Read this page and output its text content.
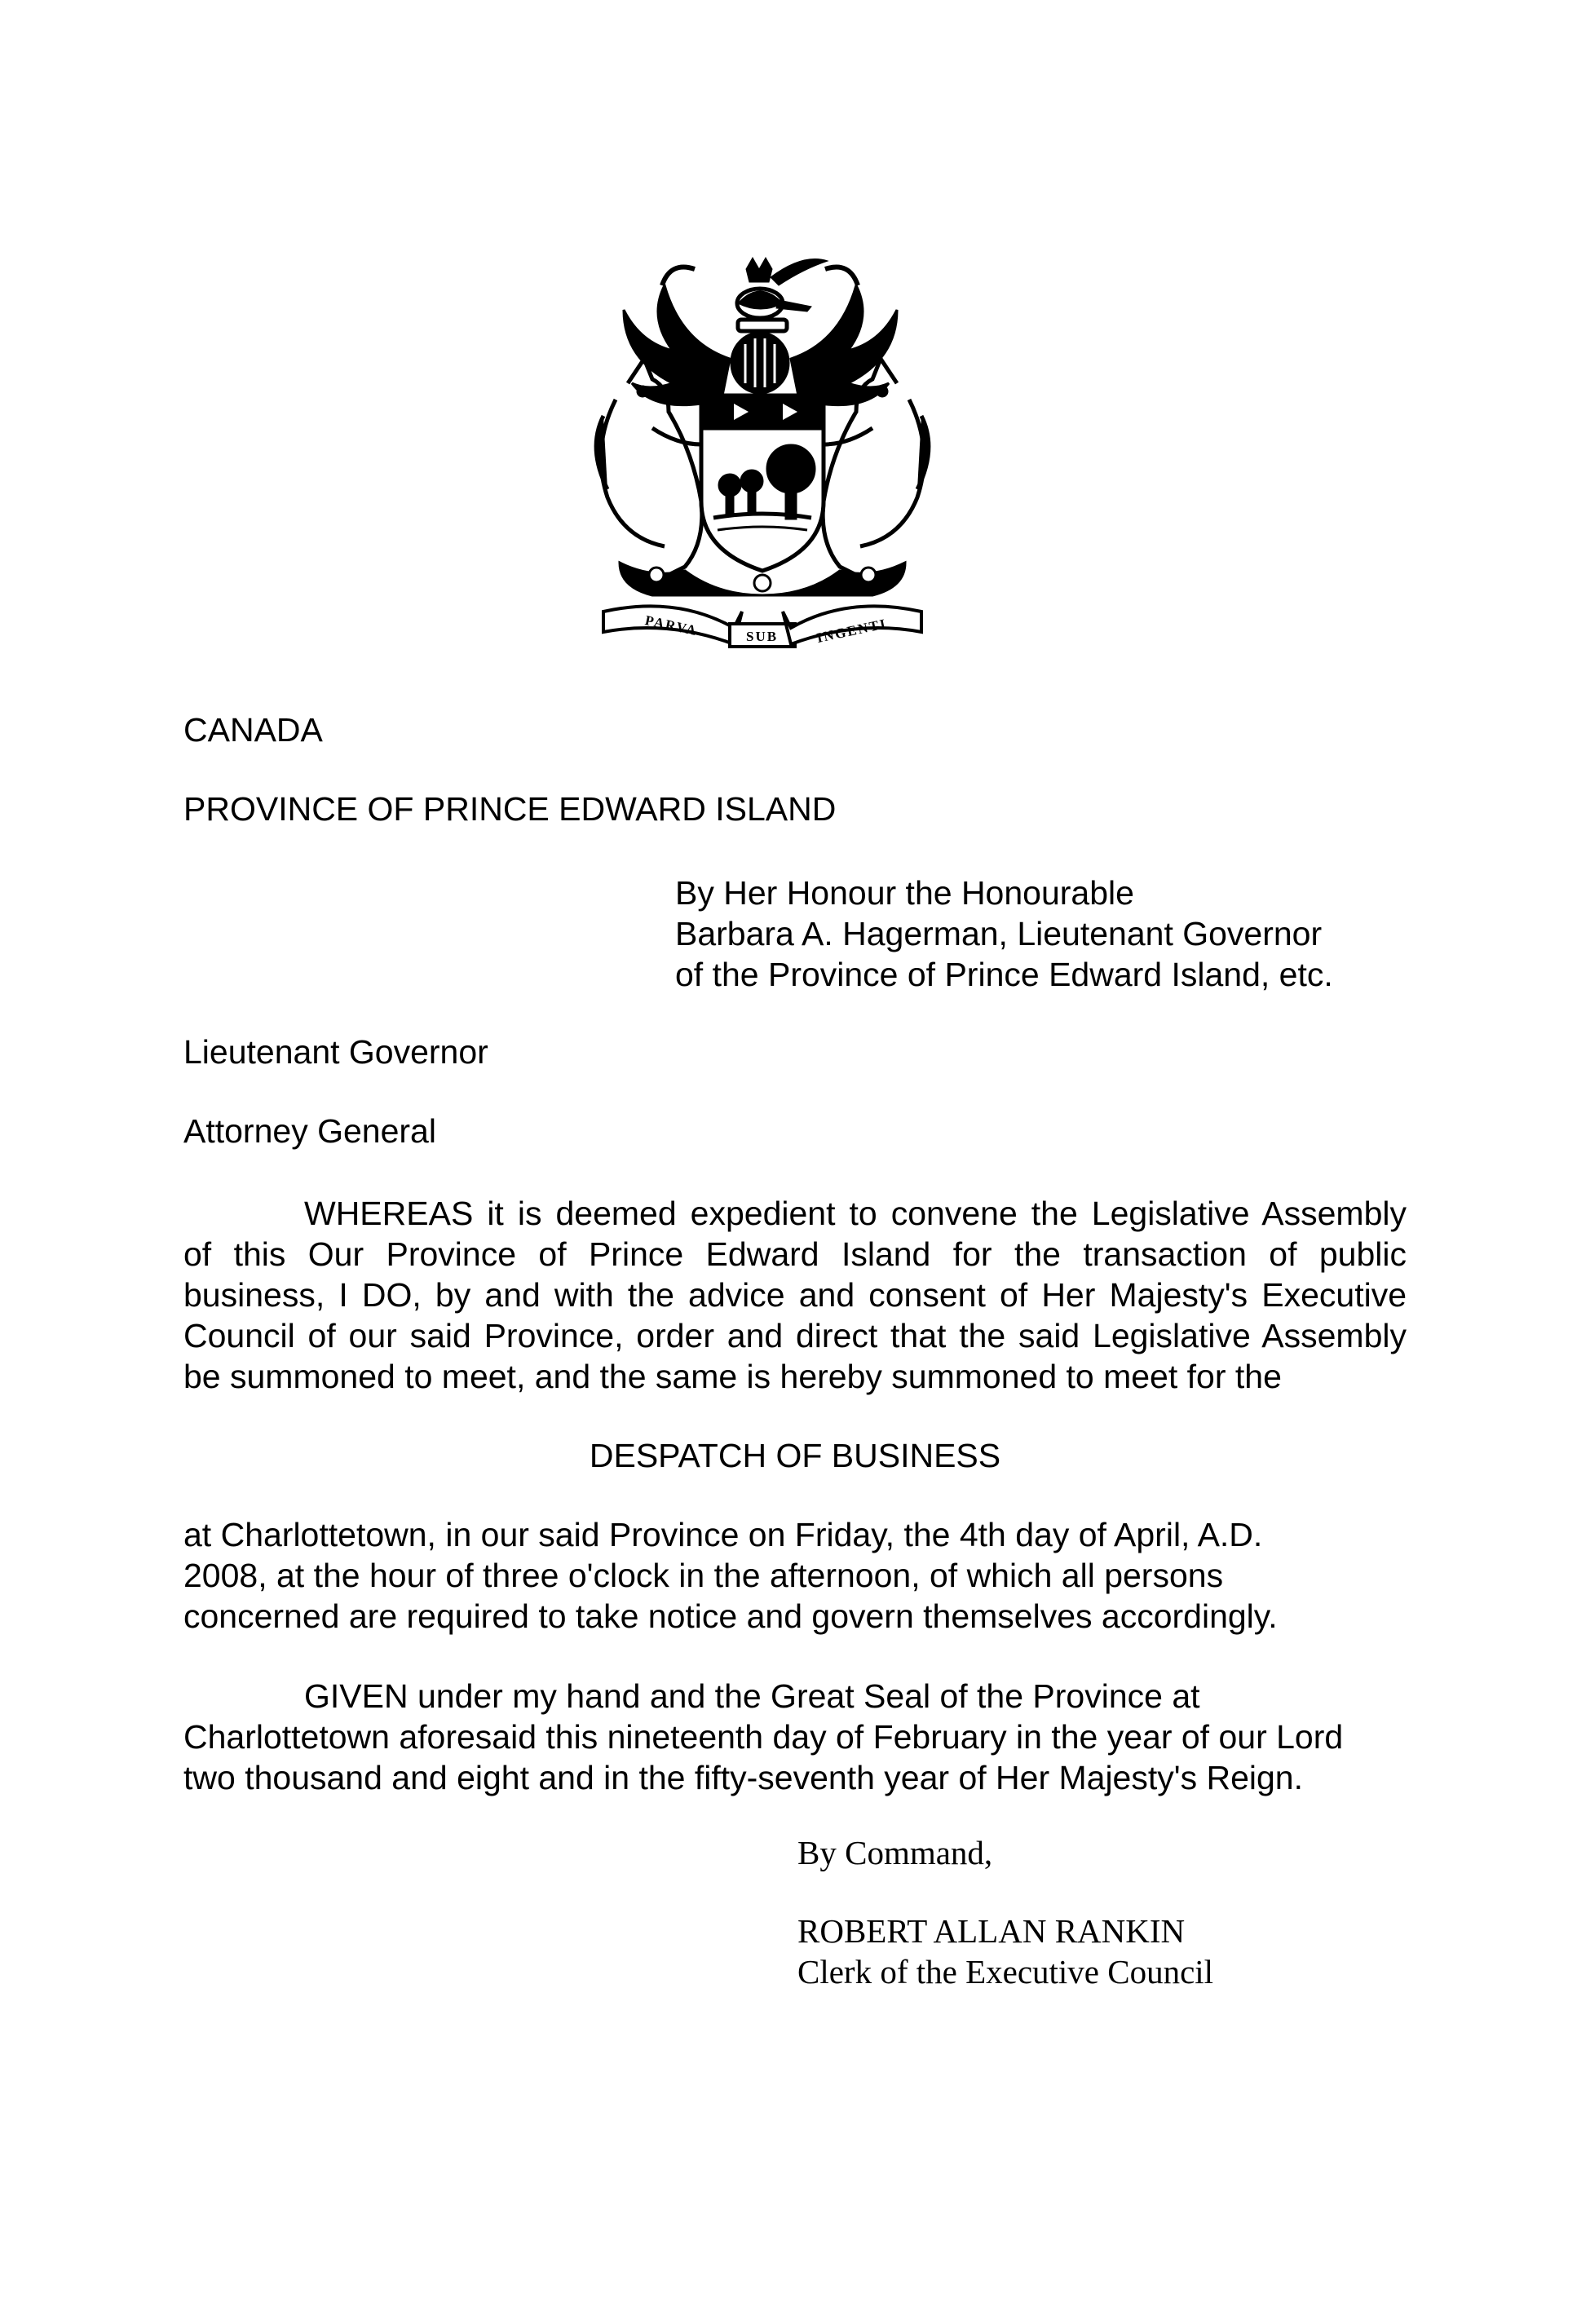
PARVA	SUB	INGENTI

CANADA

PROVINCE OF PRINCE EDWARD ISLAND

By Her Honour the Honourable
Barbara A. Hagerman, Lieutenant Governor
of the Province of Prince Edward Island, etc.

Lieutenant Governor

Attorney General

WHEREAS it is deemed expedient to convene the Legislative Assembly
of this Our Province of Prince Edward Island for the transaction of public
business, I DO, by and with the advice and consent of Her Majesty's Executive
Council of our said Province, order and direct that the said Legislative Assembly
be summoned to meet, and the same is hereby summoned to meet for the

DESPATCH OF BUSINESS

at Charlottetown, in our said Province on Friday, the 4th day of April, A.D.
2008, at the hour of three o'clock in the afternoon, of which all persons
concerned are required to take notice and govern themselves accordingly.
GIVEN under my hand and the Great Seal of the Province at
Charlottetown aforesaid this nineteenth day of February in the year of our Lord
two thousand and eight and in the fifty-seventh year of Her Majesty's Reign.

By Command,

ROBERT ALLAN RANKIN
Clerk of the Executive Council
